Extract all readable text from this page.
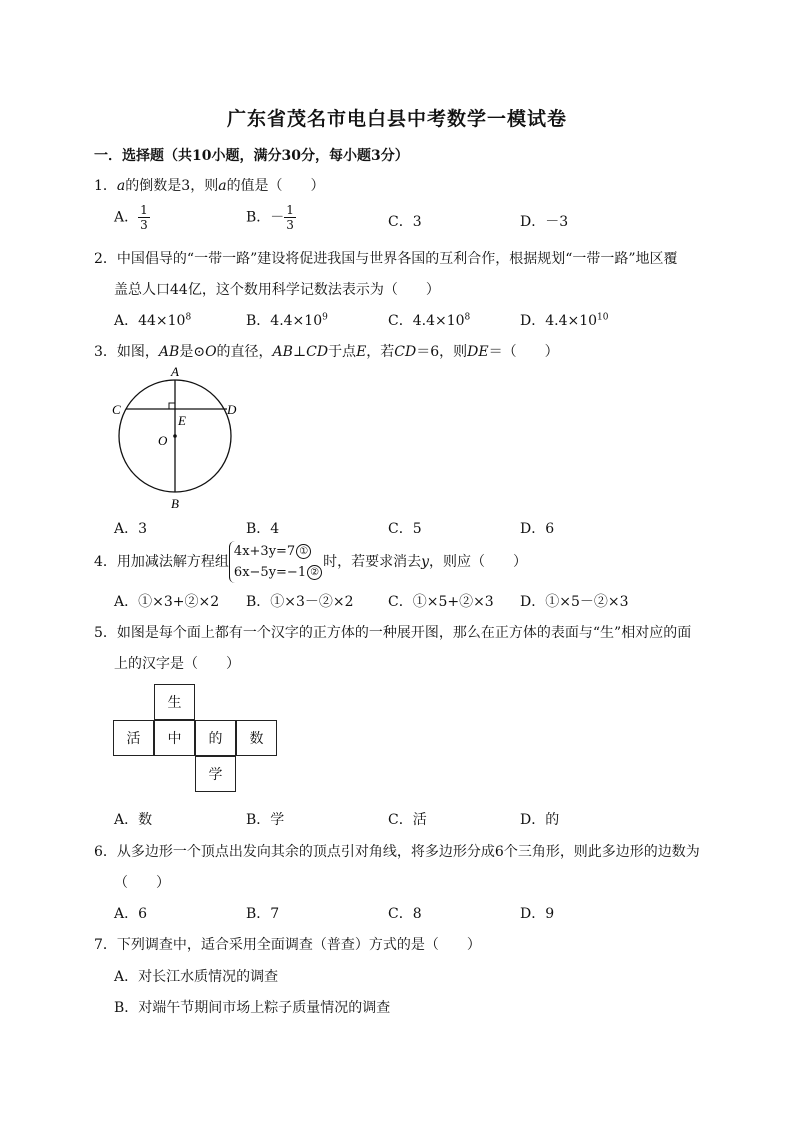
广东省茂名市电白县中考数学一模试卷
一．选择题（共10小题，满分30分，每小题3分）
1．a的倒数是3，则a的值是（　　）
A． $\frac{1}{3}$	B．－ $\frac{1}{3}$	C．3	D．－3
2．中国倡导的“一带一路”建设将促进我国与世界各国的互利合作，根据规划“一带一路”地区覆
盖总人口44亿，这个数用科学记数法表示为（　　）
A．$44\times 10^8$	B．$4.4\times 10^9$	C．$4.4\times 10^8$	D．$4.4\times 10^{10}$
3．如图，AB是⊙O的直径，AB⊥CD于点E，若CD＝6，则DE＝（　　）
A
B
C	D
E
O
A．3	B．4	C．5	D．6
4．用加减法解方程组
4x+3y=7 ①
6x−5y=−1 ②
时，若要求消去y，则应（　　）
A．①×3+②×2 B．①×3－②×2 C．①×5+②×3 D．①×5－②×3
5．如图是每个面上都有一个汉字的正方体的一种展开图，那么在正方体的表面与“生”相对应的面
上的汉字是（　　）
生
活	中	的	数
学
A．数	B．学	C．活	D．的
6．从多边形一个顶点出发向其余的顶点引对角线，将多边形分成6个三角形，则此多边形的边数为
（　　）
A．6	B．7	C．8	D．9
7．下列调查中，适合采用全面调查（普查）方式的是（　　）
A．对长江水质情况的调查
B．对端午节期间市场上粽子质量情况的调查
